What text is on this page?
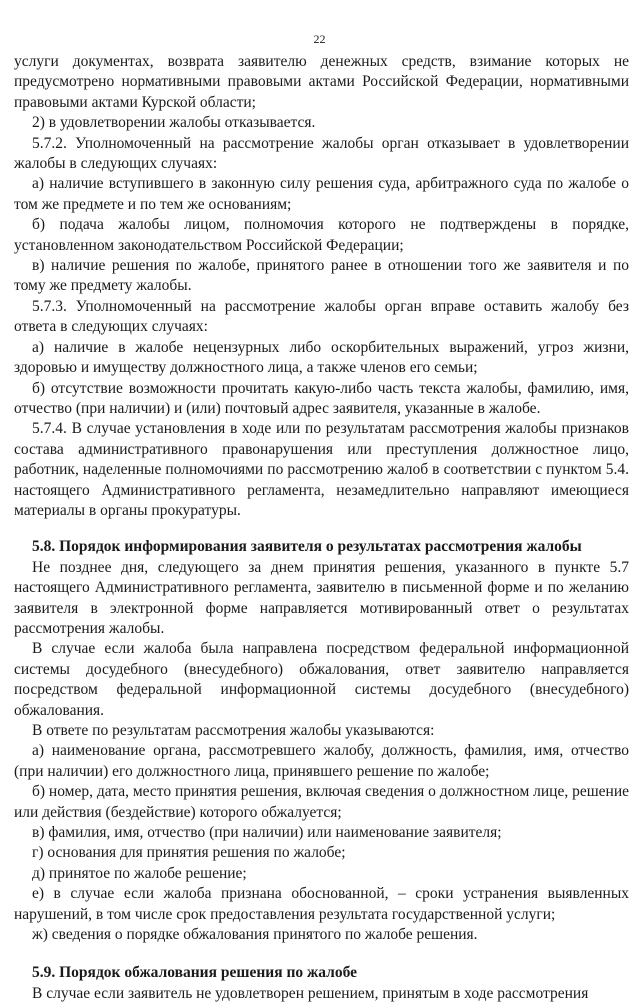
22

услуги документах, возврата заявителю денежных средств, взимание которых не предусмотрено нормативными правовыми актами Российской Федерации, нормативными правовыми актами Курской области;

2) в удовлетворении жалобы отказывается.

5.7.2. Уполномоченный на рассмотрение жалобы орган отказывает в удовлетворении жалобы в следующих случаях:

а) наличие вступившего в законную силу решения суда, арбитражного суда по жалобе о том же предмете и по тем же основаниям;

б) подача жалобы лицом, полномочия которого не подтверждены в порядке, установленном законодательством Российской Федерации;

в) наличие решения по жалобе, принятого ранее в отношении того же заявителя и по тому же предмету жалобы.

5.7.3. Уполномоченный на рассмотрение жалобы орган вправе оставить жалобу без ответа в следующих случаях:

а) наличие в жалобе нецензурных либо оскорбительных выражений, угроз жизни, здоровью и имуществу должностного лица, а также членов его семьи;

б) отсутствие возможности прочитать какую-либо часть текста жалобы, фамилию, имя, отчество (при наличии) и (или) почтовый адрес заявителя, указанные в жалобе.

5.7.4. В случае установления в ходе или по результатам рассмотрения жалобы признаков состава административного правонарушения или преступления должностное лицо, работник, наделенные полномочиями по рассмотрению жалоб в соответствии с пунктом 5.4. настоящего Административного регламента, незамедлительно направляют имеющиеся материалы в органы прокуратуры.

5.8. Порядок информирования заявителя о результатах рассмотрения жалобы

Не позднее дня, следующего за днем принятия решения, указанного в пункте 5.7 настоящего Административного регламента, заявителю в письменной форме и по желанию заявителя в электронной форме направляется мотивированный ответ о результатах рассмотрения жалобы.

В случае если жалоба была направлена посредством федеральной информационной системы досудебного (внесудебного) обжалования, ответ заявителю направляется посредством федеральной информационной системы досудебного (внесудебного) обжалования.

В ответе по результатам рассмотрения жалобы указываются:

а) наименование органа, рассмотревшего жалобу, должность, фамилия, имя, отчество (при наличии) его должностного лица, принявшего решение по жалобе;

б) номер, дата, место принятия решения, включая сведения о должностном лице, решение или действия (бездействие) которого обжалуется;

в) фамилия, имя, отчество (при наличии) или наименование заявителя;

г) основания для принятия решения по жалобе;

д) принятое по жалобе решение;

е) в случае если жалоба признана обоснованной, – сроки устранения выявленных нарушений, в том числе срок предоставления результата государственной услуги;

ж) сведения о порядке обжалования принятого по жалобе решения.

5.9. Порядок обжалования решения по жалобе

В случае если заявитель не удовлетворен решением, принятым в ходе рассмотрения
